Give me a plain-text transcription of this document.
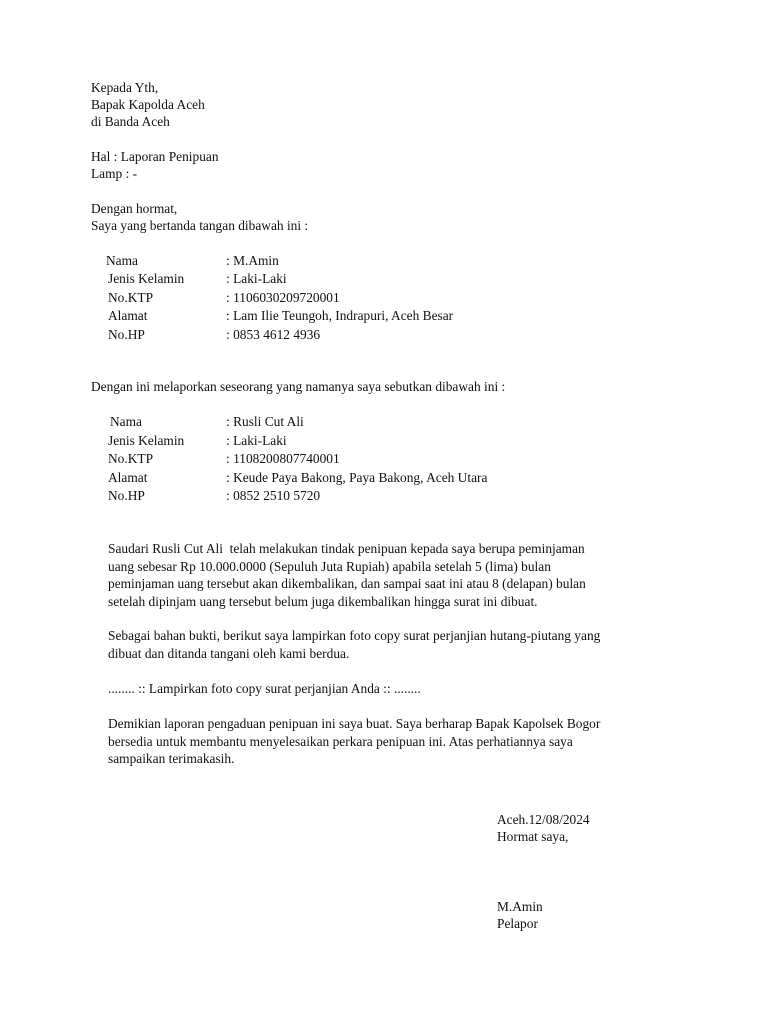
Kepada Yth,
Bapak Kapolda Aceh
di Banda Aceh
Hal : Laporan Penipuan
Lamp : -
Dengan hormat,
Saya yang bertanda tangan dibawah ini :
Nama	: M.Amin
Jenis Kelamin	: Laki-Laki
No.KTP	: 1106030209720001
Alamat	: Lam Ilie Teungoh, Indrapuri, Aceh Besar
No.HP	: 0853 4612 4936
Dengan ini melaporkan seseorang yang namanya saya sebutkan dibawah ini :
Nama	: Rusli Cut Ali
Jenis Kelamin	: Laki-Laki
No.KTP	: 1108200807740001
Alamat	: Keude Paya Bakong, Paya Bakong, Aceh Utara
No.HP	: 0852 2510 5720
Saudari Rusli Cut Ali  telah melakukan tindak penipuan kepada saya berupa peminjaman
uang sebesar Rp 10.000.0000 (Sepuluh Juta Rupiah) apabila setelah 5 (lima) bulan
peminjaman uang tersebut akan dikembalikan, dan sampai saat ini atau 8 (delapan) bulan
setelah dipinjam uang tersebut belum juga dikembalikan hingga surat ini dibuat.
Sebagai bahan bukti, berikut saya lampirkan foto copy surat perjanjian hutang-piutang yang
dibuat dan ditanda tangani oleh kami berdua.
........ :: Lampirkan foto copy surat perjanjian Anda :: ........
Demikian laporan pengaduan penipuan ini saya buat. Saya berharap Bapak Kapolsek Bogor
bersedia untuk membantu menyelesaikan perkara penipuan ini. Atas perhatiannya saya
sampaikan terimakasih.
Aceh.12/08/2024
Hormat saya,
M.Amin
Pelapor
